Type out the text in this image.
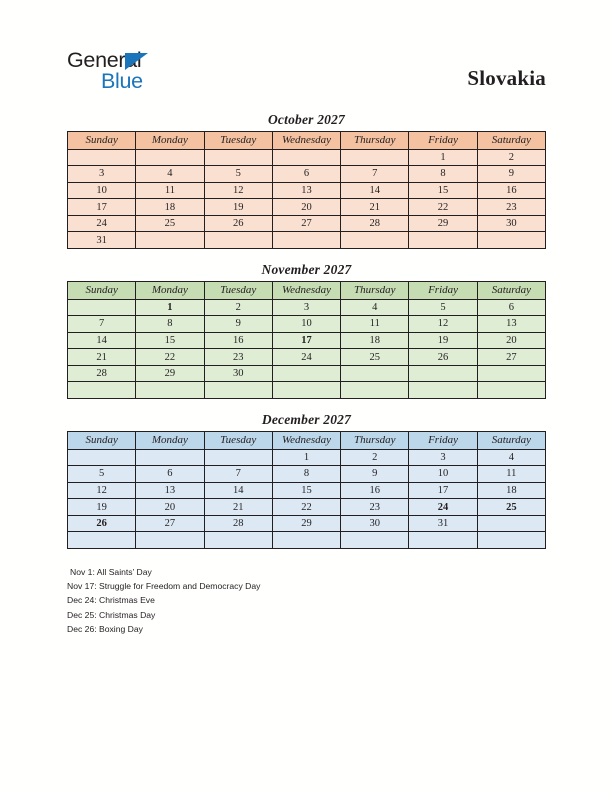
General
Blue	Slovakia
October 2027
Sunday	Monday	Tuesday	Wednesday	Thursday	Friday	Saturday
					1	2
3	4	5	6	7	8	9
10	11	12	13	14	15	16
17	18	19	20	21	22	23
24	25	26	27	28	29	30
31						
November 2027
Sunday	Monday	Tuesday	Wednesday	Thursday	Friday	Saturday
	1	2	3	4	5	6
7	8	9	10	11	12	13
14	15	16	17	18	19	20
21	22	23	24	25	26	27
28	29	30				

December 2027
Sunday	Monday	Tuesday	Wednesday	Thursday	Friday	Saturday
			1	2	3	4
5	6	7	8	9	10	11
12	13	14	15	16	17	18
19	20	21	22	23	24	25
26	27	28	29	30	31	

Nov 1: All Saints’ Day
Nov 17: Struggle for Freedom and Democracy Day
Dec 24: Christmas Eve
Dec 25: Christmas Day
Dec 26: Boxing Day
